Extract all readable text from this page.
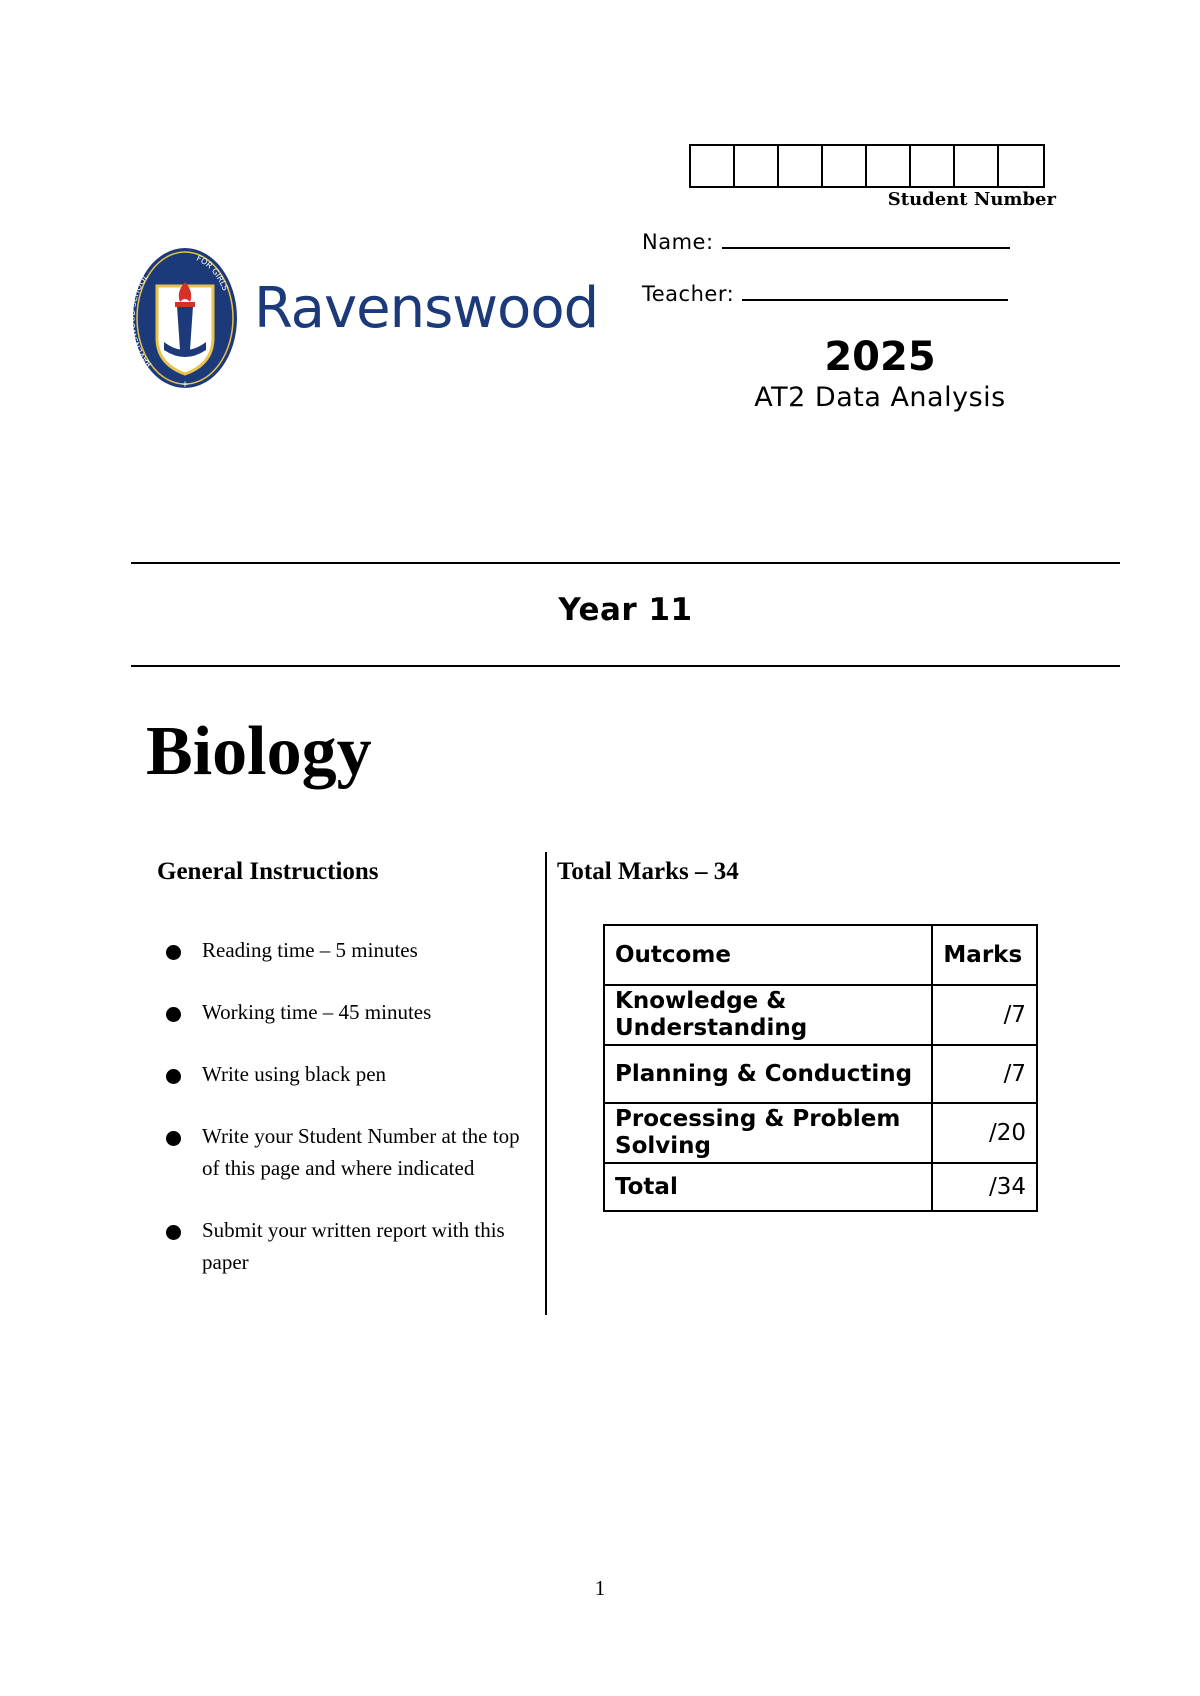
Student Number
Name:
Teacher:
RAVENS CHOOL
FOR GIRLS
+
Ravenswood
2025
AT2 Data Analysis
Year 11
Biology
General Instructions
Reading time – 5 minutes
Working time – 45 minutes
Write using black pen
Write your Student Number at the top of this page and where indicated
Submit your written report with this paper
Total Marks – 34
Outcome	Marks
Knowledge & Understanding	/7
Planning & Conducting	/7
Processing & Problem Solving	/20
Total	/34
1
